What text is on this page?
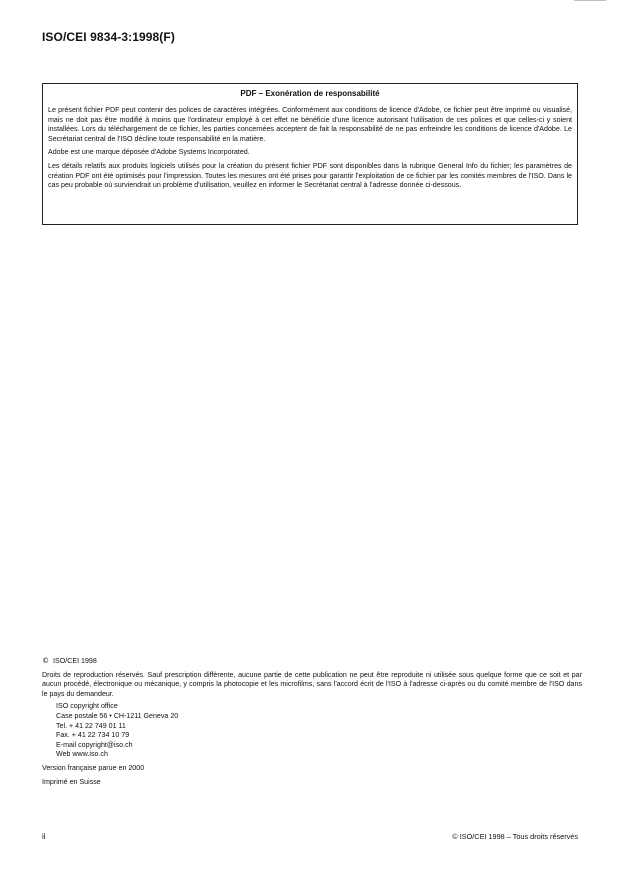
ISO/CEI 9834-3:1998(F)

PDF – Exonération de responsabilité

Le présent fichier PDF peut contenir des polices de caractères intégrées. Conformément aux conditions de licence d'Adobe, ce fichier peut être imprimé ou visualisé, mais ne doit pas être modifié à moins que l'ordinateur employé à cet effet ne bénéficie d'une licence autorisant l'utilisation de ces polices et que celles-ci y soient installées. Lors du téléchargement de ce fichier, les parties concernées acceptent de fait la responsabilité de ne pas enfreindre les conditions de licence d'Adobe. Le Secrétariat central de l'ISO décline toute responsabilité en la matière.

Adobe est une marque déposée d'Adobe Systems Incorporated.

Les détails relatifs aux produits logiciels utilisés pour la création du présent fichier PDF sont disponibles dans la rubrique General Info du fichier; les paramètres de création PDF ont été optimisés pour l'impression. Toutes les mesures ont été prises pour garantir l'exploitation de ce fichier par les comités membres de l'ISO. Dans le cas peu probable où surviendrait un problème d'utilisation, veuillez en informer le Secrétariat central à l'adresse donnée ci-dessous.

© ISO/CEI 1998

Droits de reproduction réservés. Sauf prescription différente, aucune partie de cette publication ne peut être reproduite ni utilisée sous quelque forme que ce soit et par aucun procédé, électronique ou mécanique, y compris la photocopie et les microfilms, sans l'accord écrit de l'ISO à l'adresse ci-après ou du comité membre de l'ISO dans le pays du demandeur.

ISO copyright office
Case postale 56 • CH-1211 Geneva 20
Tel. + 41 22 749 01 11
Fax. + 41 22 734 10 79
E-mail copyright@iso.ch
Web www.iso.ch

Version française parue en 2000

Imprimé en Suisse

ii	© ISO/CEI 1998 – Tous droits réservés
